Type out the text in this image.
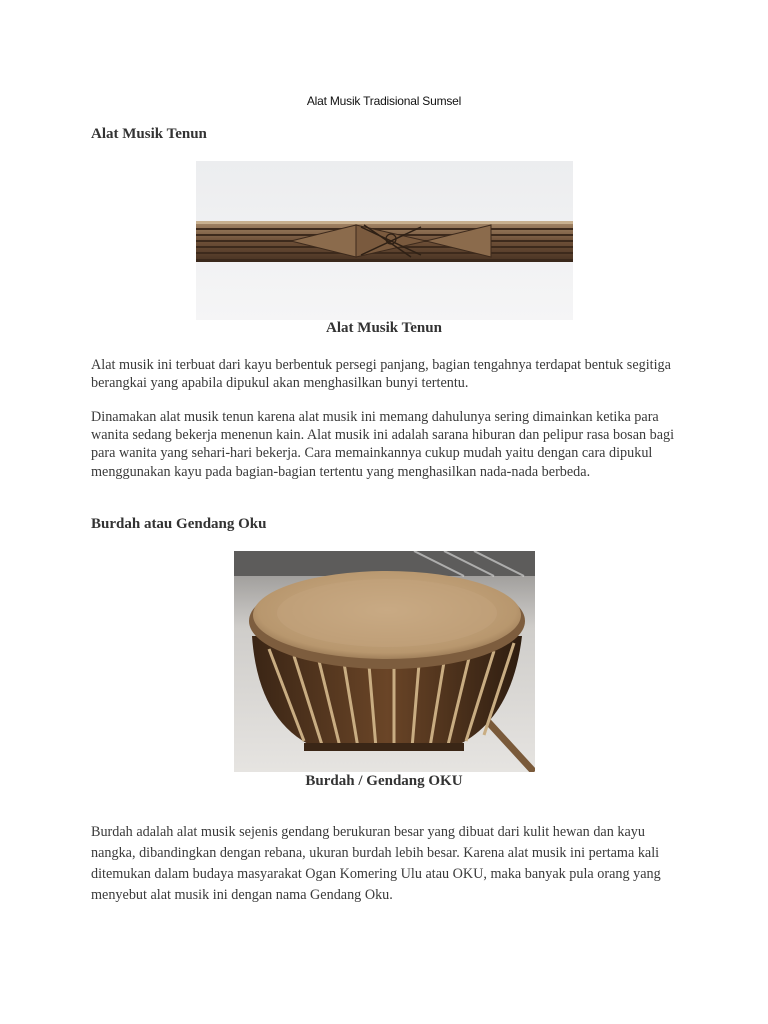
Alat Musik Tradisional Sumsel
Alat Musik Tenun
Alat Musik Tenun
Alat musik ini terbuat dari kayu berbentuk persegi panjang, bagian tengahnya terdapat bentuk segitiga berangkai yang apabila dipukul akan menghasilkan bunyi tertentu.
Dinamakan alat musik tenun karena alat musik ini memang dahulunya sering dimainkan ketika para wanita sedang bekerja menenun kain. Alat musik ini adalah sarana hiburan dan pelipur rasa bosan bagi para wanita yang sehari-hari bekerja. Cara memainkannya cukup mudah yaitu dengan cara dipukul menggunakan kayu pada bagian-bagian tertentu yang menghasilkan nada-nada berbeda.
Burdah atau Gendang Oku
Burdah / Gendang OKU
Burdah adalah alat musik sejenis gendang berukuran besar yang dibuat dari kulit hewan dan kayu nangka, dibandingkan dengan rebana, ukuran burdah lebih besar. Karena alat musik ini pertama kali ditemukan dalam budaya masyarakat Ogan Komering Ulu atau OKU, maka banyak pula orang yang menyebut alat musik ini dengan nama Gendang Oku.
